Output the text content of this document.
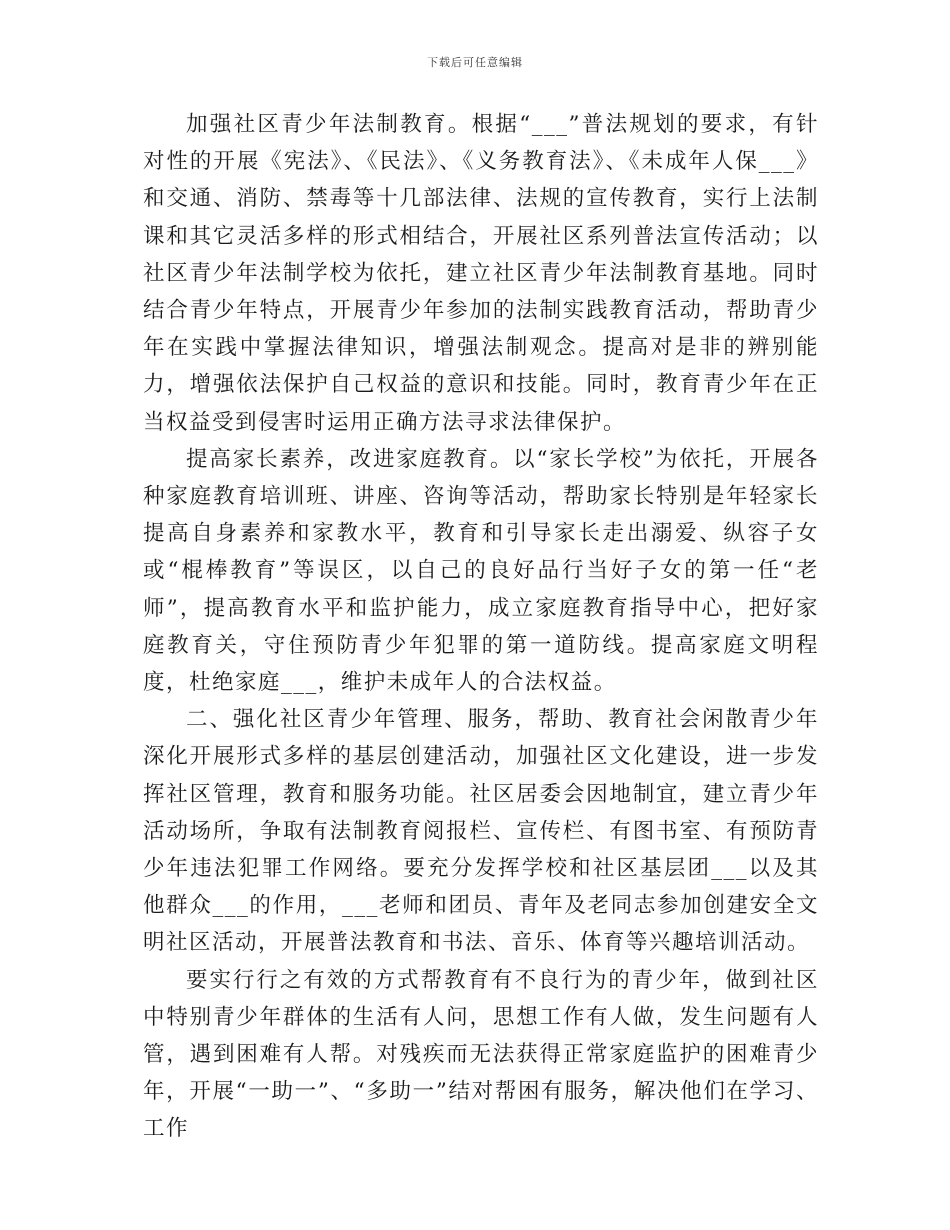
下载后可任意编辑

加强社区青少年法制教育。根据“___”普法规划的要求，有针对性的开展《宪法》、《民法》、《义务教育法》、《未成年人保___》和交通、消防、禁毒等十几部法律、法规的宣传教育，实行上法制课和其它灵活多样的形式相结合，开展社区系列普法宣传活动；以社区青少年法制学校为依托，建立社区青少年法制教育基地。同时结合青少年特点，开展青少年参加的法制实践教育活动，帮助青少年在实践中掌握法律知识，增强法制观念。提高对是非的辨别能力，增强依法保护自己权益的意识和技能。同时，教育青少年在正当权益受到侵害时运用正确方法寻求法律保护。

提高家长素养，改进家庭教育。以“家长学校”为依托，开展各种家庭教育培训班、讲座、咨询等活动，帮助家长特别是年轻家长提高自身素养和家教水平，教育和引导家长走出溺爱、纵容子女或“棍棒教育”等误区，以自己的良好品行当好子女的第一任“老师”，提高教育水平和监护能力，成立家庭教育指导中心，把好家庭教育关，守住预防青少年犯罪的第一道防线。提高家庭文明程度，杜绝家庭___，维护未成年人的合法权益。

二、强化社区青少年管理、服务，帮助、教育社会闲散青少年深化开展形式多样的基层创建活动，加强社区文化建设，进一步发挥社区管理，教育和服务功能。社区居委会因地制宜，建立青少年活动场所，争取有法制教育阅报栏、宣传栏、有图书室、有预防青少年违法犯罪工作网络。要充分发挥学校和社区基层团___以及其他群众___的作用，___老师和团员、青年及老同志参加创建安全文明社区活动，开展普法教育和书法、音乐、体育等兴趣培训活动。

要实行行之有效的方式帮教育有不良行为的青少年，做到社区中特别青少年群体的生活有人问，思想工作有人做，发生问题有人管，遇到困难有人帮。对残疾而无法获得正常家庭监护的困难青少年，开展“一助一”、“多助一”结对帮困有服务，解决他们在学习、工作
